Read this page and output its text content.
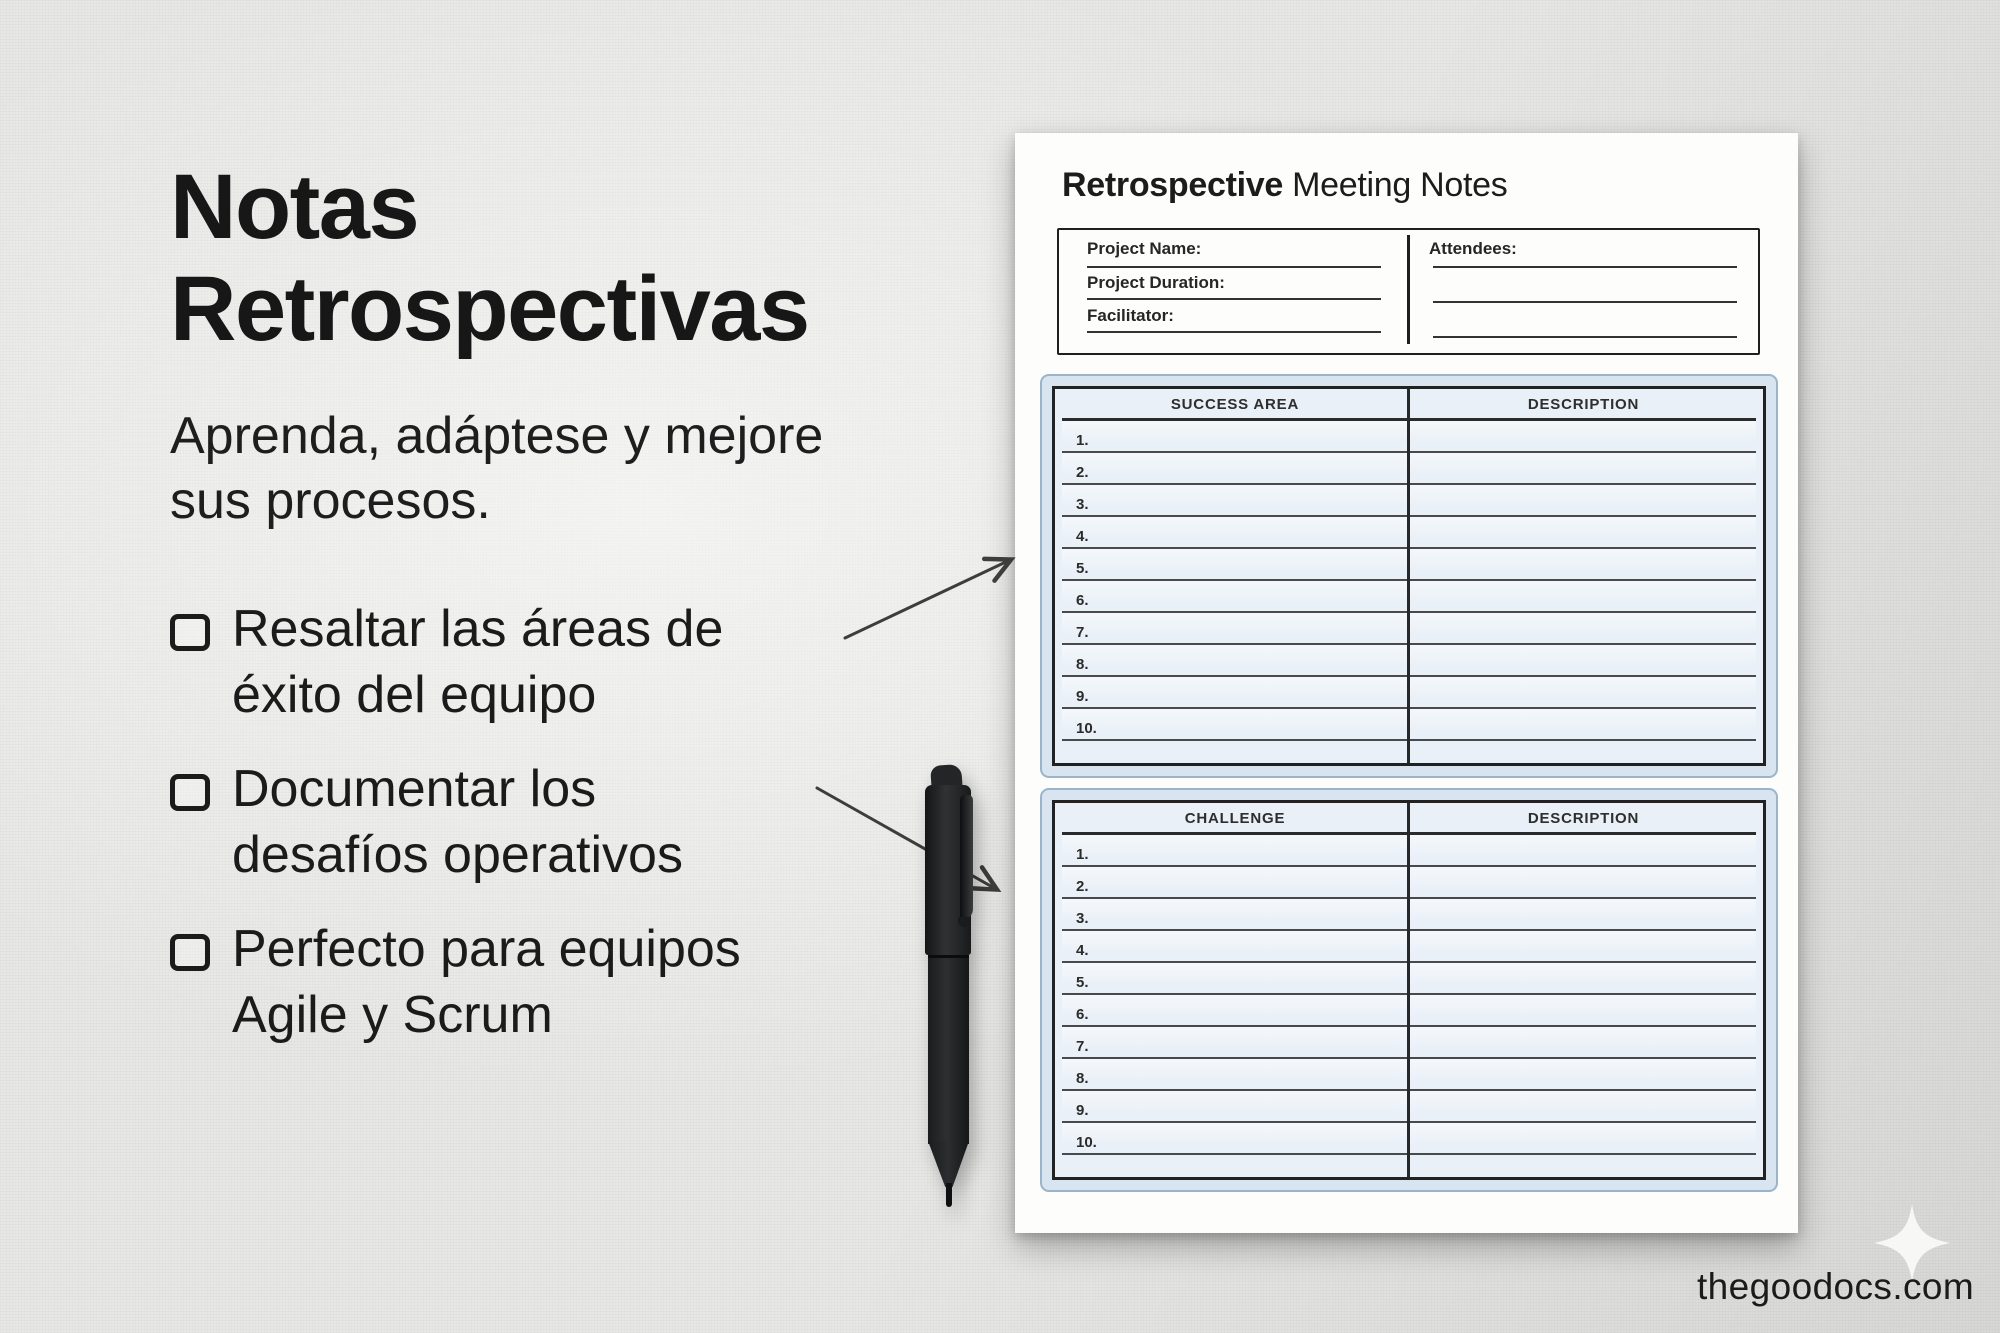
Notas Retrospectivas

Aprenda, adáptese y mejore sus procesos.

Resaltar las áreas de éxito del equipo
Documentar los desafíos operativos
Perfecto para equipos Agile y Scrum
Retrospective Meeting Notes
Project Name:
Project Duration:
Facilitator:
Attendees:
SUCCESS AREA	DESCRIPTION
1.
2.
3.
4.
5.
6.
7.
8.
9.
10.
CHALLENGE	DESCRIPTION
1.
2.
3.
4.
5.
6.
7.
8.
9.
10.
thegoodocs.com
